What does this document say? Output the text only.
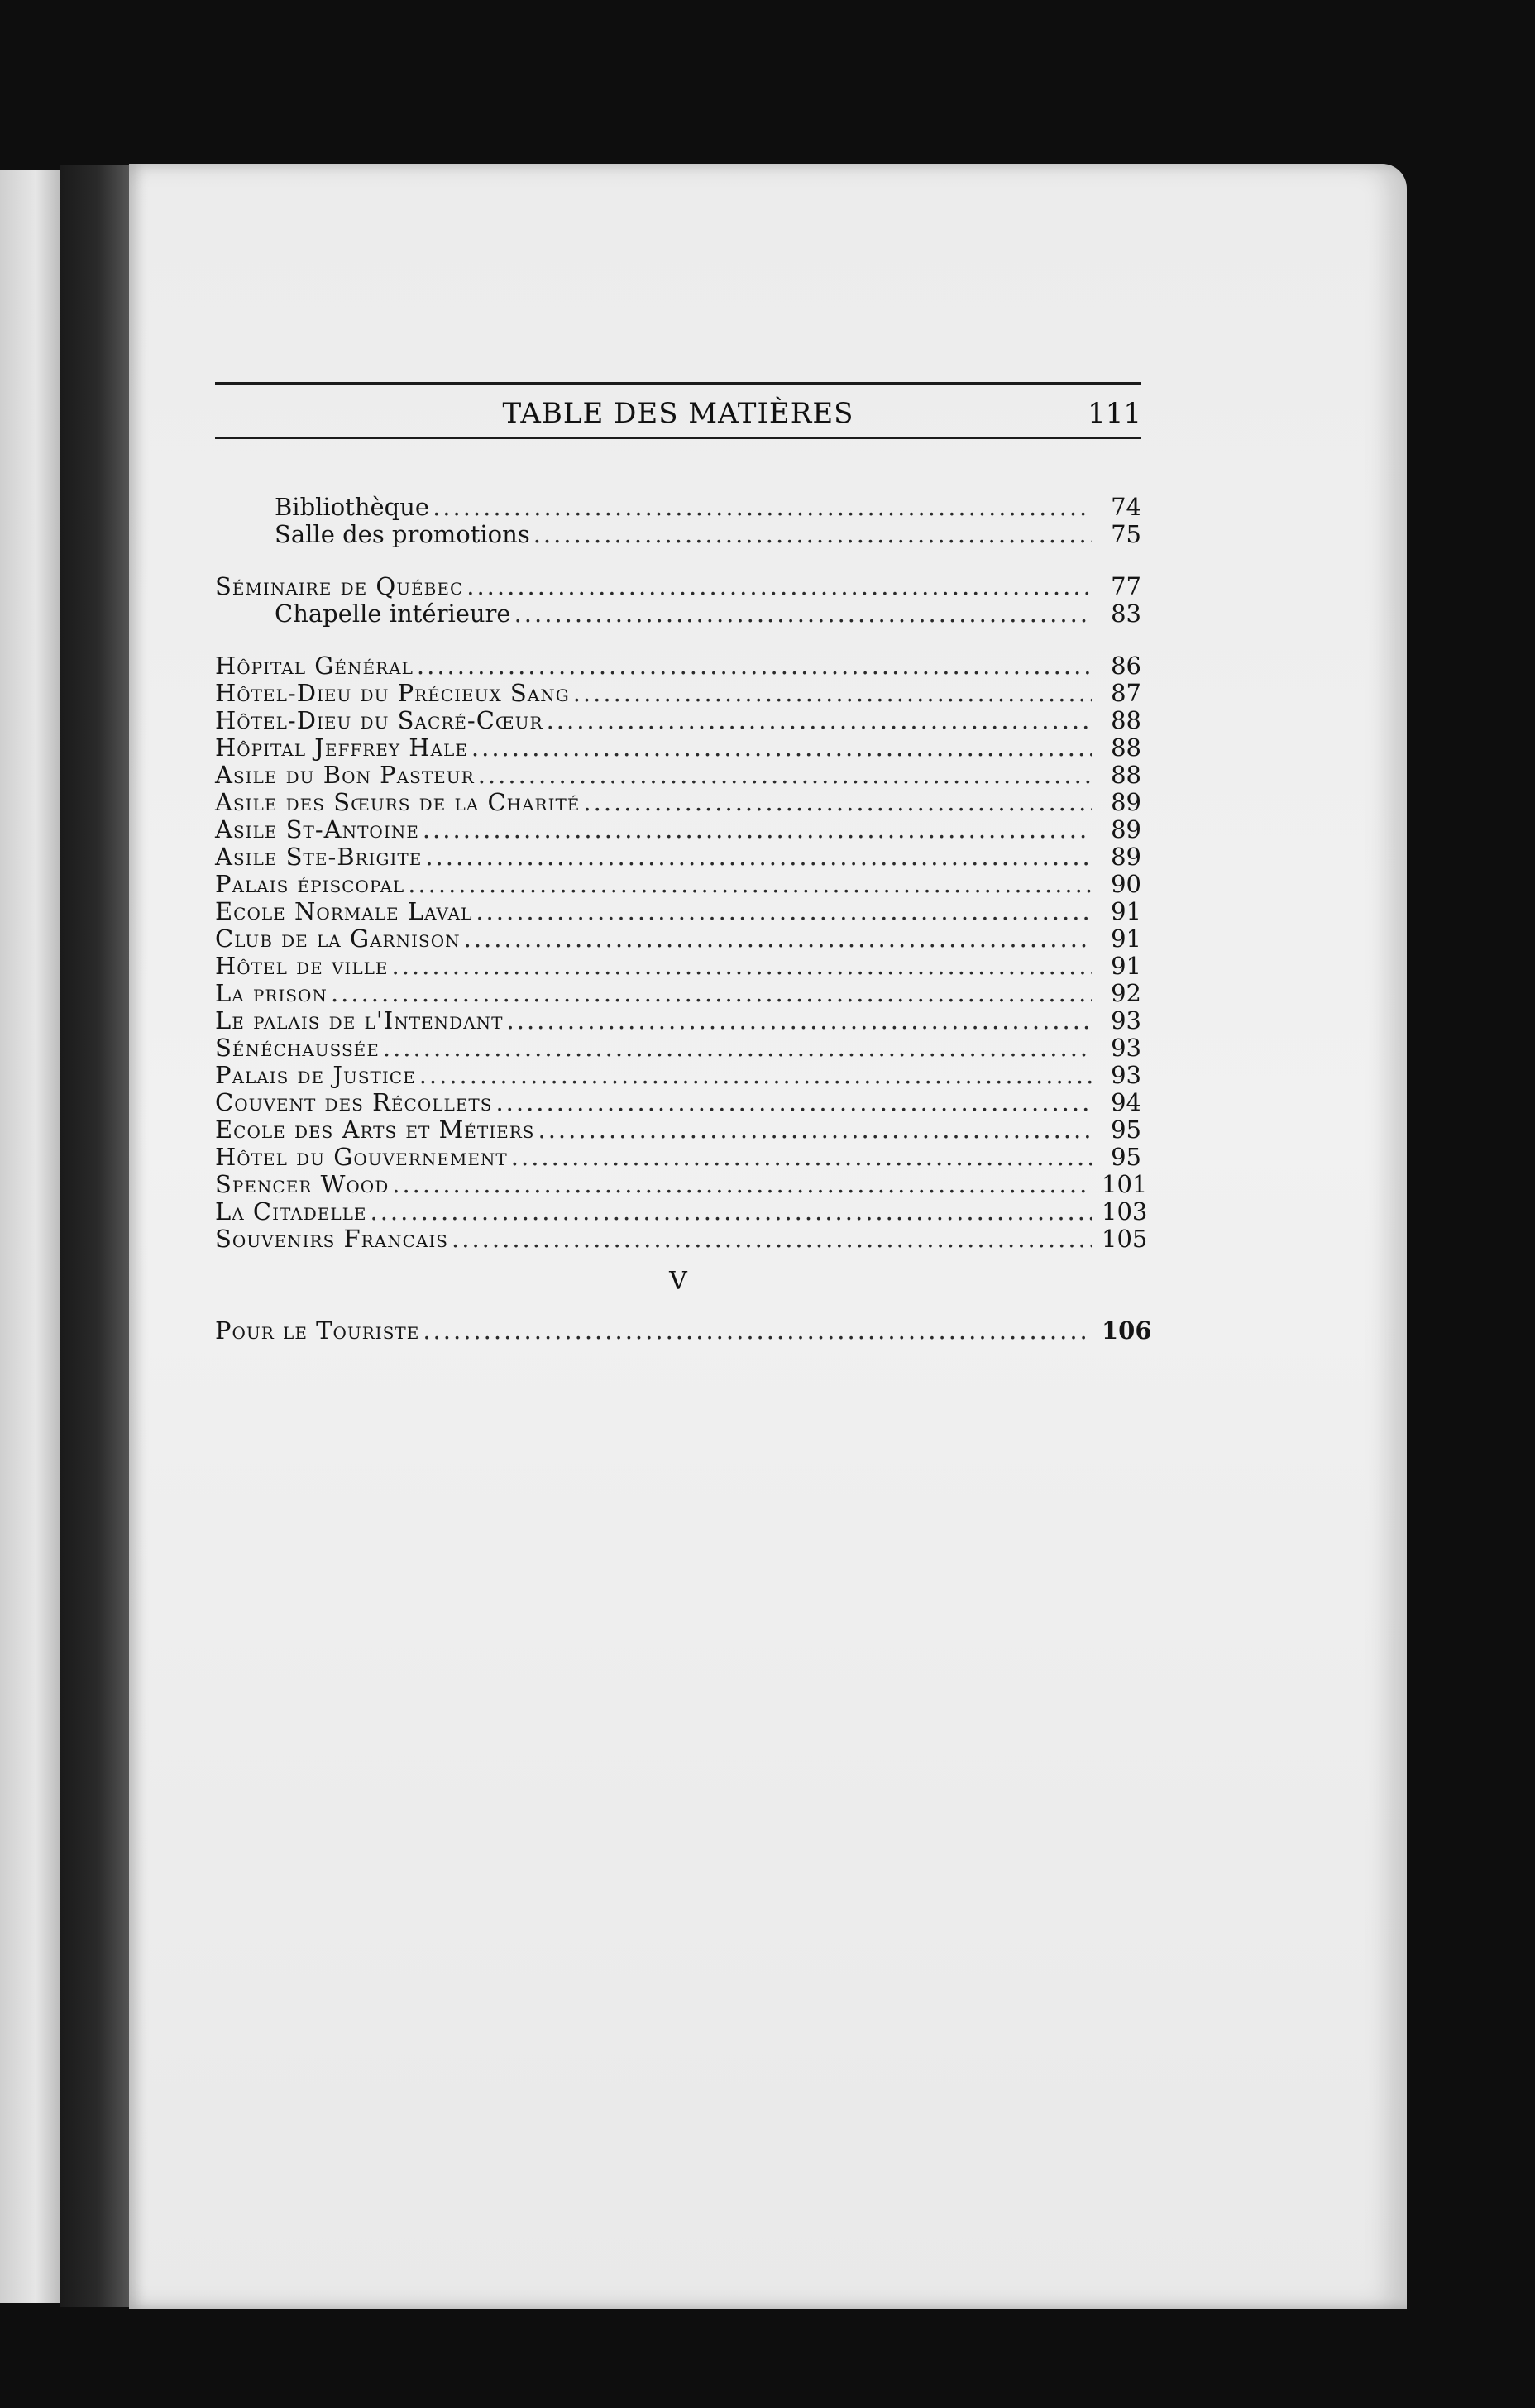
TABLE DES MATIÈRES	111
Bibliothèque .....	74
Salle des promotions .....	75
Séminaire de Québec .....	77
Chapelle intérieure .....	83
Hôpital Général .....	86
Hôtel-Dieu du Précieux Sang .....	87
Hôtel-Dieu du Sacré-Cœur .....	88
Hôpital Jeffrey Hale .....	88
Asile du Bon Pasteur .....	88
Asile des Sœurs de la Charité .....	89
Asile St-Antoine .....	89
Asile Ste-Brigite .....	89
Palais épiscopal .....	90
Ecole Normale Laval .....	91
Club de la Garnison .....	91
Hôtel de ville .....	91
La prison .....	92
Le palais de l'Intendant .....	93
Sénéchaussée .....	93
Palais de Justice .....	93
Couvent des Récollets .....	94
Ecole des Arts et Métiers .....	95
Hôtel du Gouvernement .....	95
Spencer Wood .....	101
La Citadelle .....	103
Souvenirs Francais .....	105
V
Pour le Touriste .....	106
